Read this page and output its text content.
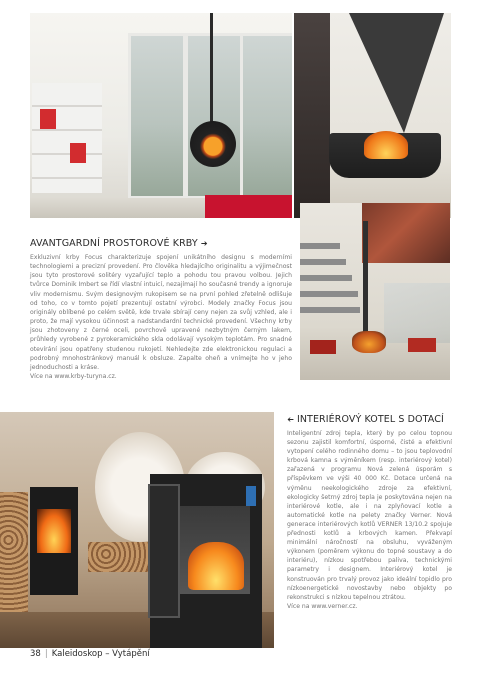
AVANTGARDNÍ PROSTOROVÉ KRBY ➔
Exkluzivní krby Focus charakterizuje spojení unikátního designu s moderními technologiemi a precizní provedení. Pro člověka hledajícího originalitu a výjimečnost jsou tyto prostorové solitéry vyzařující teplo a pohodu tou pravou volbou. Jejich tvůrce Dominik Imbert se řídí vlastní intuicí, nezajímají ho současné trendy a ignoruje vliv modernismu. Svým designovým rukopisem se na první pohled zřetelně odlišuje od toho, co v tomto pojetí prezentují ostatní výrobci. Modely značky Focus jsou originály oblíbené po celém světě, kde trvale sbírají ceny nejen za svůj vzhled, ale i proto, že mají vysokou účinnost a nadstandardní technické provedení. Všechny krby jsou zhotoveny z černé oceli, povrchově upravené nezbytným černým lakem, průhledy vyrobené z pyrokeramického skla odolávají vysokým teplotám. Pro snadné otevírání jsou opatřeny studenou rukojetí. Nehledejte zde elektronickou regulaci a podrobný mnohostránkový manuál k obsluze. Zapalte oheň a vnímejte ho v jeho jednoduchosti a kráse.
Více na www.krby-turyna.cz.
➔ INTERIÉROVÝ KOTEL S DOTACÍ
Inteligentní zdroj tepla, který by po celou topnou sezonu zajistil komfortní, úsporné, čisté a efektivní vytopení celého rodinného domu – to jsou teplovodní krbová kamna s výměníkem (resp. interiérový kotel) zařazená v programu Nová zelená úsporám s příspěvkem ve výši 40 000 Kč. Dotace určená na výměnu neekologického zdroje za efektivní, ekologicky šetrný zdroj tepla je poskytována nejen na interiérové kotle, ale i na zplyňovací kotle a automatické kotle na pelety značky Verner. Nová generace interiérových kotlů VERNER 13/10.2 spojuje přednosti kotlů a krbových kamen. Překvapí minimální náročností na obsluhu, vyváženým výkonem (poměrem výkonu do topné soustavy a do interiéru), nízkou spotřebou paliva, technickými parametry i designem. Interiérový kotel je konstruován pro trvalý provoz jako ideální topidlo pro nízkoenergetické novostavby nebo objekty po rekonstrukci s nízkou tepelnou ztrátou.
Více na www.verner.cz.
38 | Kaleidoskop – Vytápění
